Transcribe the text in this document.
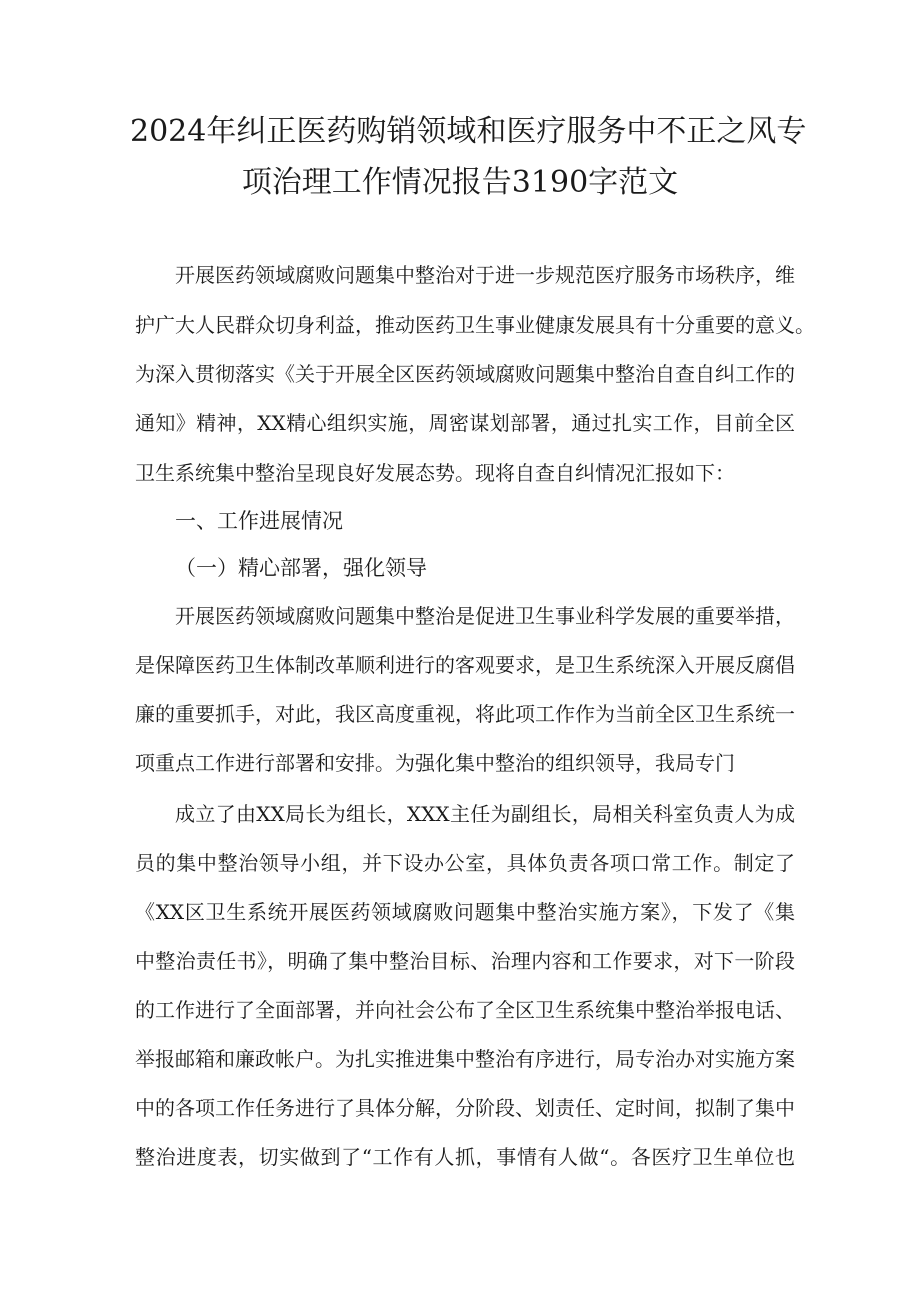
2024年纠正医药购销领域和医疗服务中不正之风专
项治理工作情况报告3190字范文
开展医药领域腐败问题集中整治对于进一步规范医疗服务市场秩序，维
护广大人民群众切身利益，推动医药卫生事业健康发展具有十分重要的意义。
为深入贯彻落实《关于开展全区医药领域腐败问题集中整治自查自纠工作的
通知》精神，XX精心组织实施，周密谋划部署，通过扎实工作，目前全区
卫生系统集中整治呈现良好发展态势。现将自查自纠情况汇报如下：
一、工作进展情况
（一）精心部署，强化领导
开展医药领域腐败问题集中整治是促进卫生事业科学发展的重要举措，
是保障医药卫生体制改革顺利进行的客观要求，是卫生系统深入开展反腐倡
廉的重要抓手，对此，我区高度重视，将此项工作作为当前全区卫生系统一
项重点工作进行部署和安排。为强化集中整治的组织领导，我局专门
成立了由XX局长为组长，XXX主任为副组长，局相关科室负责人为成
员的集中整治领导小组，并下设办公室，具体负责各项口常工作。制定了
《XX区卫生系统开展医药领域腐败问题集中整治实施方案》，下发了《集
中整治责任书》，明确了集中整治目标、治理内容和工作要求，对下一阶段
的工作进行了全面部署，并向社会公布了全区卫生系统集中整治举报电话、
举报邮箱和廉政帐户。为扎实推进集中整治有序进行，局专治办对实施方案
中的各项工作任务进行了具体分解，分阶段、划责任、定时间，拟制了集中
整治进度表，切实做到了“工作有人抓，事情有人做“。各医疗卫生单位也
